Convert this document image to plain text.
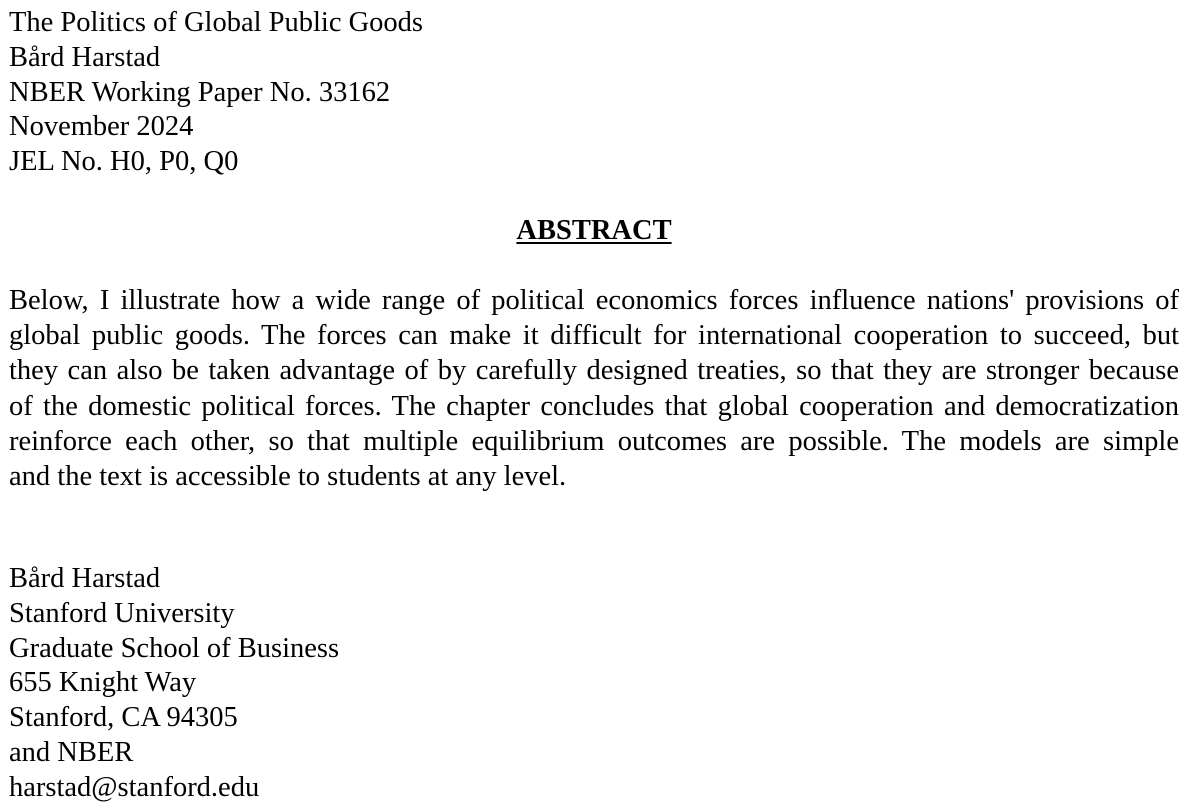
The Politics of Global Public Goods
Bård Harstad
NBER Working Paper No. 33162
November 2024
JEL No. H0, P0, Q0
ABSTRACT
Below, I illustrate how a wide range of political economics forces influence nations' provisions of
global public goods. The forces can make it difficult for international cooperation to succeed, but
they can also be taken advantage of by carefully designed treaties, so that they are stronger because
of the domestic political forces. The chapter concludes that global cooperation and democratization
reinforce each other, so that multiple equilibrium outcomes are possible. The models are simple
and the text is accessible to students at any level.
Bård Harstad
Stanford University
Graduate School of Business
655 Knight Way
Stanford, CA 94305
and NBER
harstad@stanford.edu
